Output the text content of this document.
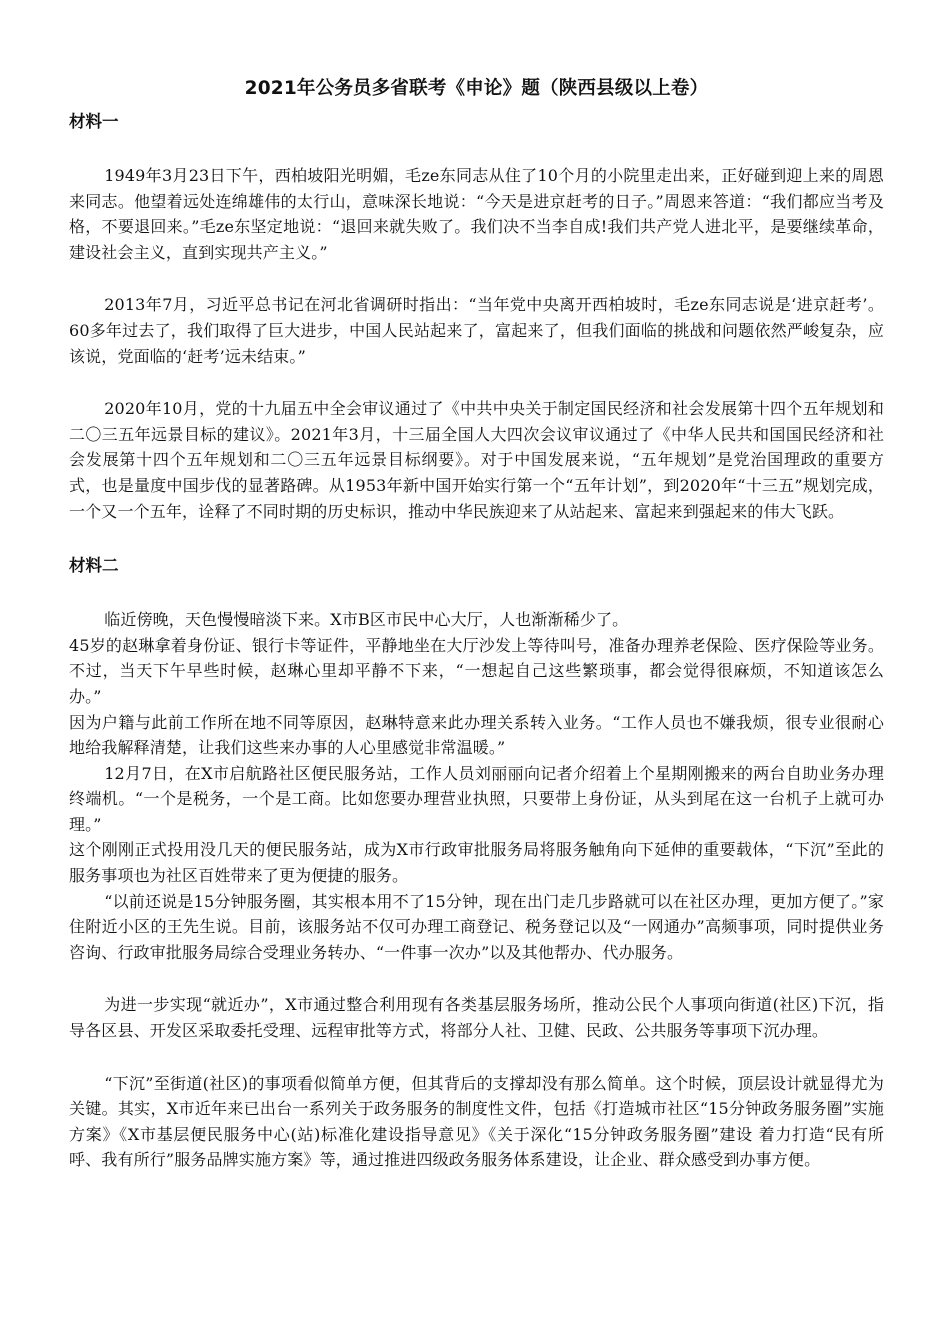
2021年公务员多省联考《申论》题（陕西县级以上卷）
材料一

1949年3月23日下午，西柏坡阳光明媚，毛ze东同志从住了10个月的小院里走出来，正好碰到迎上来的周恩来同志。他望着远处连绵雄伟的太行山，意味深长地说：“今天是进京赶考的日子。”周恩来答道：“我们都应当考及格，不要退回来。”毛ze东坚定地说：“退回来就失败了。我们决不当李自成!我们共产党人进北平，是要继续革命，建设社会主义，直到实现共产主义。”

2013年7月，习近平总书记在河北省调研时指出：“当年党中央离开西柏坡时，毛ze东同志说是‘进京赶考’。60多年过去了，我们取得了巨大进步，中国人民站起来了，富起来了，但我们面临的挑战和问题依然严峻复杂，应该说，党面临的‘赶考’远未结束。”

2020年10月，党的十九届五中全会审议通过了《中共中央关于制定国民经济和社会发展第十四个五年规划和二〇三五年远景目标的建议》。2021年3月，十三届全国人大四次会议审议通过了《中华人民共和国国民经济和社会发展第十四个五年规划和二〇三五年远景目标纲要》。对于中国发展来说，“五年规划”是党治国理政的重要方式，也是量度中国步伐的显著路碑。从1953年新中国开始实行第一个“五年计划”，到2020年“十三五”规划完成，一个又一个五年，诠释了不同时期的历史标识，推动中华民族迎来了从站起来、富起来到强起来的伟大飞跃。

材料二

临近傍晚，天色慢慢暗淡下来。X市B区市民中心大厅，人也渐渐稀少了。

45岁的赵琳拿着身份证、银行卡等证件，平静地坐在大厅沙发上等待叫号，准备办理养老保险、医疗保险等业务。不过，当天下午早些时候，赵琳心里却平静不下来，“一想起自己这些繁琐事，都会觉得很麻烦，不知道该怎么办。”

因为户籍与此前工作所在地不同等原因，赵琳特意来此办理关系转入业务。“工作人员也不嫌我烦，很专业很耐心地给我解释清楚，让我们这些来办事的人心里感觉非常温暖。”

12月7日，在X市启航路社区便民服务站，工作人员刘丽丽向记者介绍着上个星期刚搬来的两台自助业务办理终端机。“一个是税务，一个是工商。比如您要办理营业执照，只要带上身份证，从头到尾在这一台机子上就可办理。”

这个刚刚正式投用没几天的便民服务站，成为X市行政审批服务局将服务触角向下延伸的重要载体，“下沉”至此的服务事项也为社区百姓带来了更为便捷的服务。

“以前还说是15分钟服务圈，其实根本用不了15分钟，现在出门走几步路就可以在社区办理，更加方便了。”家住附近小区的王先生说。目前，该服务站不仅可办理工商登记、税务登记以及“一网通办”高频事项，同时提供业务咨询、行政审批服务局综合受理业务转办、“一件事一次办”以及其他帮办、代办服务。

为进一步实现“就近办”，X市通过整合利用现有各类基层服务场所，推动公民个人事项向街道(社区)下沉，指导各区县、开发区采取委托受理、远程审批等方式，将部分人社、卫健、民政、公共服务等事项下沉办理。

“下沉”至街道(社区)的事项看似简单方便，但其背后的支撑却没有那么简单。这个时候，顶层设计就显得尤为关键。其实，X市近年来已出台一系列关于政务服务的制度性文件，包括《打造城市社区“15分钟政务服务圈”实施方案》《X市基层便民服务中心(站)标准化建设指导意见》《关于深化“15分钟政务服务圈”建设 着力打造“民有所呼、我有所行”服务品牌实施方案》等，通过推进四级政务服务体系建设，让企业、群众感受到办事方便。
